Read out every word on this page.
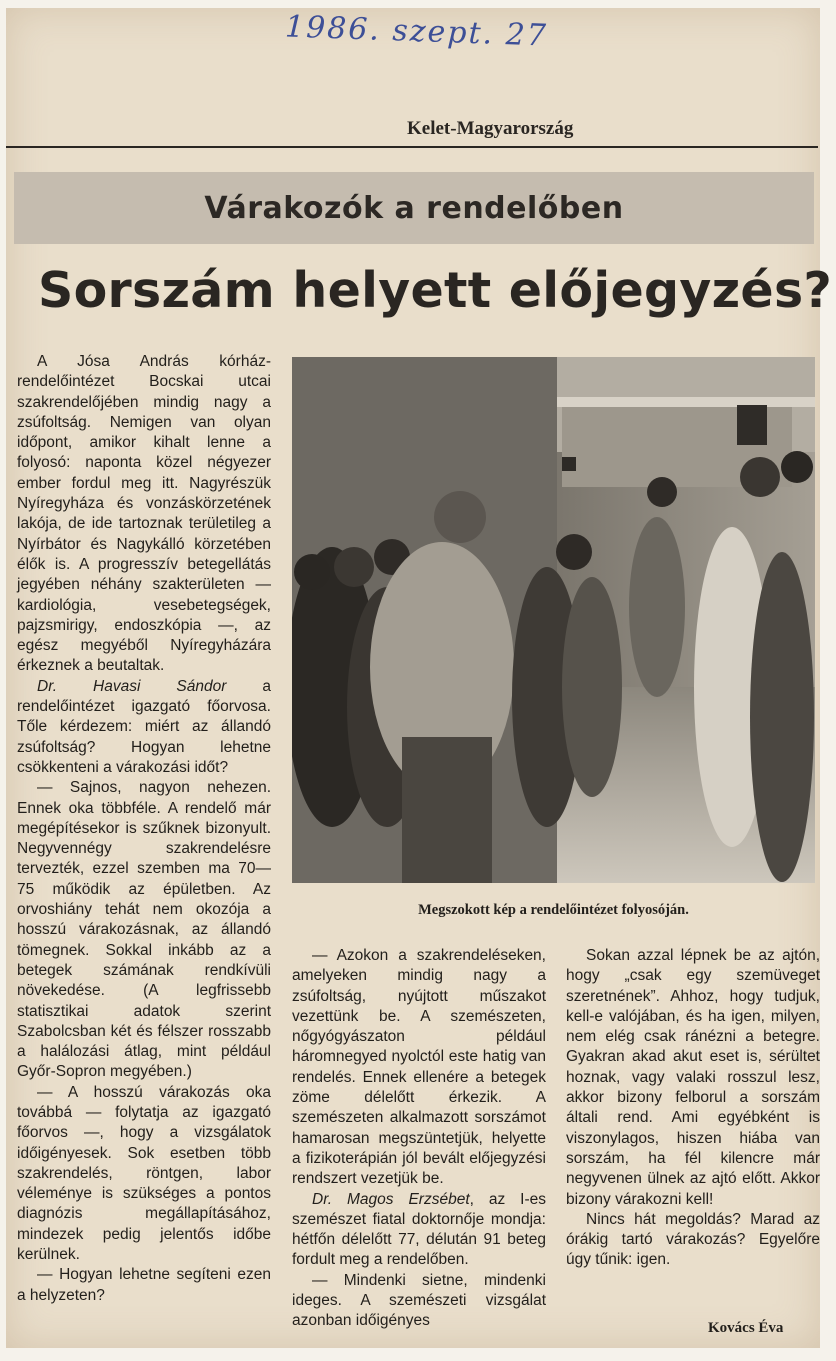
1986. szept. 27
Kelet-Magyarország
Várakozók a rendelőben
Sorszám helyett előjegyzés?

A Jósa András kórház-rendelőintézet Bocskai utcai szakrendelőjében mindig nagy a zsúfoltság. Nemigen van olyan időpont, amikor kihalt lenne a folyosó: naponta közel négyezer ember fordul meg itt. Nagyrészük Nyíregyháza és vonzáskörzetének lakója, de ide tartoznak területileg a Nyírbátor és Nagykálló körzetében élők is. A progresszív betegellátás jegyében néhány szakterületen — kardiológia, vesebetegségek, pajzsmirigy, endoszkópia —, az egész megyéből Nyíregyházára érkeznek a beutaltak.

Dr. Havasi Sándor a rendelőintézet igazgató főorvosa. Tőle kérdezem: miért az állandó zsúfoltság? Hogyan lehetne csökkenteni a várakozási időt?

— Sajnos, nagyon nehezen. Ennek oka többféle. A rendelő már megépítésekor is szűknek bizonyult. Negyvennégy szakrendelésre tervezték, ezzel szemben ma 70—75 működik az épületben. Az orvoshiány tehát nem okozója a hosszú várakozásnak, az állandó tömegnek. Sokkal inkább az a betegek számának rendkívüli növekedése. (A legfrissebb statisztikai adatok szerint Szabolcsban két és félszer rosszabb a halálozási átlag, mint például Győr-Sopron megyében.)

— A hosszú várakozás oka továbbá — folytatja az igazgató főorvos —, hogy a vizsgálatok időigényesek. Sok esetben több szakrendelés, röntgen, labor véleménye is szükséges a pontos diagnózis megállapításához, mindezek pedig jelentős időbe kerülnek.

— Hogyan lehetne segíteni ezen a helyzeten?

Megszokott kép a rendelőintézet folyosóján.

— Azokon a szakrendeléseken, amelyeken mindig nagy a zsúfoltság, nyújtott műszakot vezettünk be. A szemészeten, nőgyógyászaton például háromnegyed nyolctól este hatig van rendelés. Ennek ellenére a betegek zöme délelőtt érkezik. A szemészeten alkalmazott sorszámot hamarosan megszüntetjük, helyette a fizikoterápián jól bevált előjegyzési rendszert vezetjük be.

Dr. Magos Erzsébet, az I-es szemészet fiatal doktornője mondja: hétfőn délelőtt 77, délután 91 beteg fordult meg a rendelőben.

— Mindenki sietne, mindenki ideges. A szemészeti vizsgálat azonban időigényes

Sokan azzal lépnek be az ajtón, hogy „csak egy szemüveget szeretnének”. Ahhoz, hogy tudjuk, kell-e valójában, és ha igen, milyen, nem elég csak ránézni a betegre. Gyakran akad akut eset is, sérültet hoznak, vagy valaki rosszul lesz, akkor bizony felborul a sorszám általi rend. Ami egyébként is viszonylagos, hiszen hiába van sorszám, ha fél kilencre már negyvenen ülnek az ajtó előtt. Akkor bizony várakozni kell!

Nincs hát megoldás? Marad az órákig tartó várakozás? Egyelőre úgy tűnik: igen.

Kovács Éva
